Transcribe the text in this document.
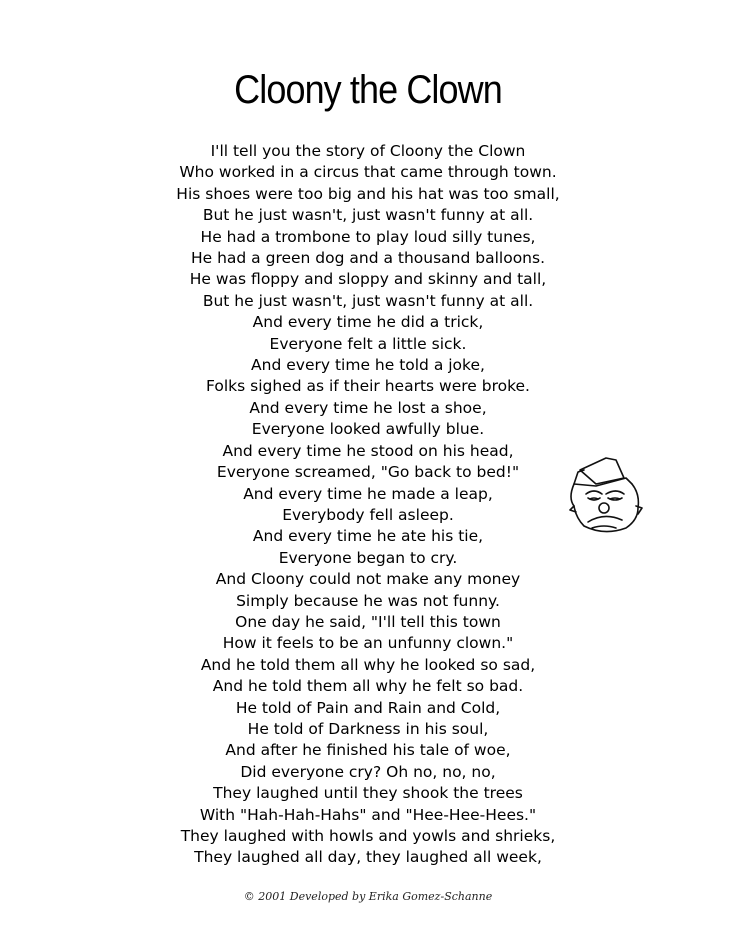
Cloony the Clown
I'll tell you the story of Cloony the Clown
Who worked in a circus that came through town.
His shoes were too big and his hat was too small,
But he just wasn't, just wasn't funny at all.
He had a trombone to play loud silly tunes,
He had a green dog and a thousand balloons.
He was floppy and sloppy and skinny and tall,
But he just wasn't, just wasn't funny at all.
And every time he did a trick,
Everyone felt a little sick.
And every time he told a joke,
Folks sighed as if their hearts were broke.
And every time he lost a shoe,
Everyone looked awfully blue.
And every time he stood on his head,
Everyone screamed, "Go back to bed!"
And every time he made a leap,
Everybody fell asleep.
And every time he ate his tie,
Everyone began to cry.
And Cloony could not make any money
Simply because he was not funny.
One day he said, "I'll tell this town
How it feels to be an unfunny clown."
And he told them all why he looked so sad,
And he told them all why he felt so bad.
He told of Pain and Rain and Cold,
He told of Darkness in his soul,
And after he finished his tale of woe,
Did everyone cry? Oh no, no, no,
They laughed until they shook the trees
With "Hah-Hah-Hahs" and "Hee-Hee-Hees."
They laughed with howls and yowls and shrieks,
They laughed all day, they laughed all week,
© 2001 Developed by Erika Gomez-Schanne
